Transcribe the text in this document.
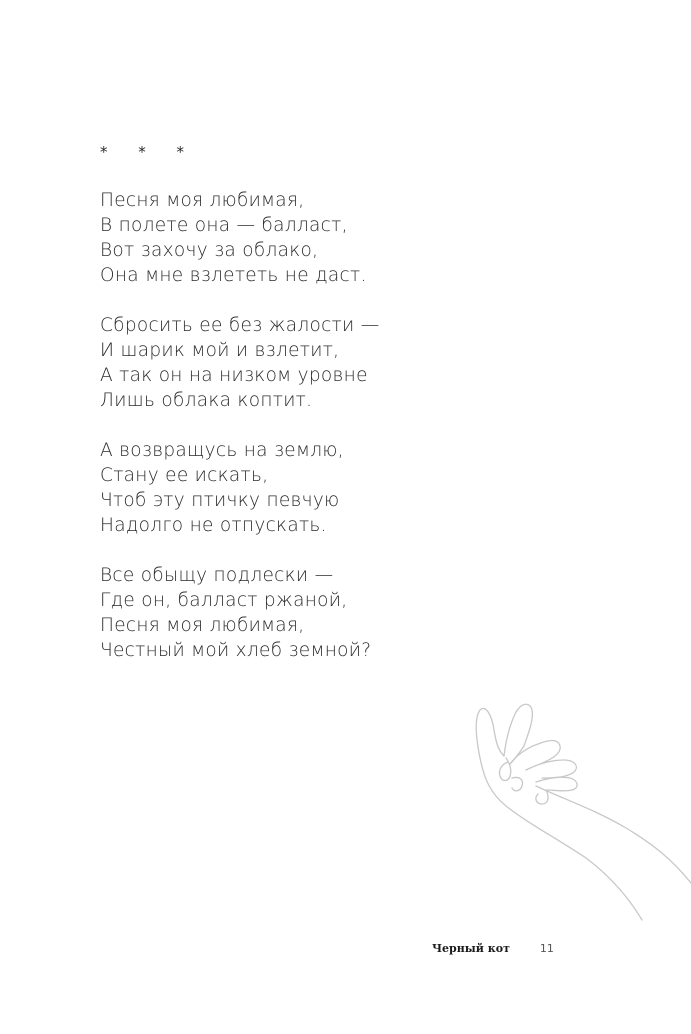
* * *
Песня моя любимая,
В полете она — балласт,
Вот захочу за облако,
Она мне взлететь не даст.
Сбросить ее без жалости —
И шарик мой и взлетит,
А так он на низком уровне
Лишь облака коптит.
А возвращусь на землю,
Стану ее искать,
Чтоб эту птичку певчую
Надолго не отпускать.
Все обыщу подлески —
Где он, балласт ржаной,
Песня моя любимая,
Честный мой хлеб земной?
Черный кот	11
